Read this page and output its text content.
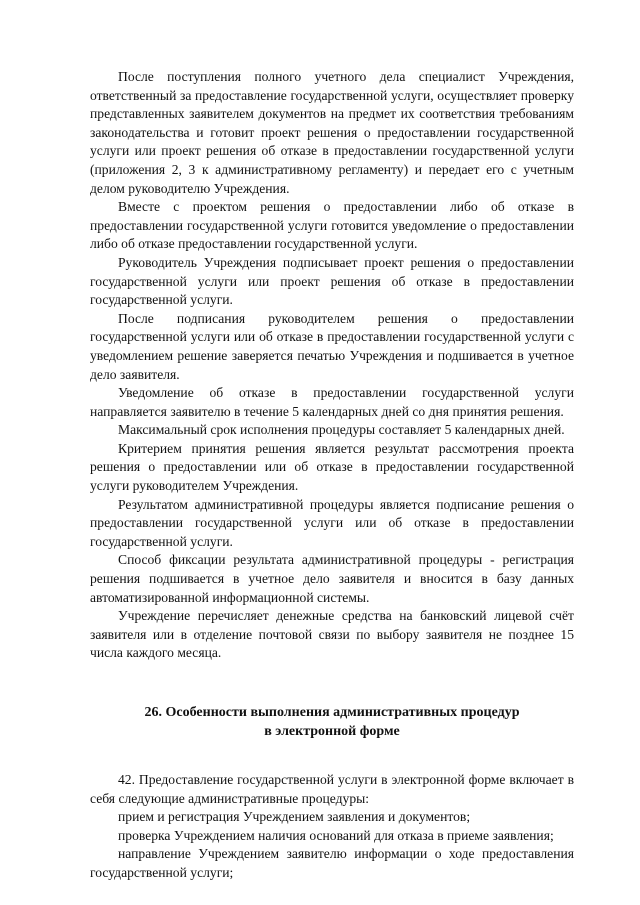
После поступления полного учетного дела специалист Учреждения, ответственный за предоставление государственной услуги, осуществляет проверку представленных заявителем документов на предмет их соответствия требованиям законодательства и готовит проект решения о предоставлении государственной услуги или проект решения об отказе в предоставлении государственной услуги (приложения 2, 3 к административному регламенту) и передает его с учетным делом руководителю Учреждения.

Вместе с проектом решения о предоставлении либо об отказе в предоставлении государственной услуги готовится уведомление о предоставлении либо об отказе предоставлении государственной услуги.

Руководитель Учреждения подписывает проект решения о предоставлении государственной услуги или проект решения об отказе в предоставлении государственной услуги.

После подписания руководителем решения о предоставлении государственной услуги или об отказе в предоставлении государственной услуги с уведомлением решение заверяется печатью Учреждения и подшивается в учетное дело заявителя.

Уведомление об отказе в предоставлении государственной услуги направляется заявителю в течение 5 календарных дней со дня принятия решения.

Максимальный срок исполнения процедуры составляет 5 календарных дней.

Критерием принятия решения является результат рассмотрения проекта решения о предоставлении или об отказе в предоставлении государственной услуги руководителем Учреждения.

Результатом административной процедуры является подписание решения о предоставлении государственной услуги или об отказе в предоставлении государственной услуги.

Способ фиксации результата административной процедуры - регистрация решения подшивается в учетное дело заявителя и вносится в базу данных автоматизированной информационной системы.

Учреждение перечисляет денежные средства на банковский лицевой счёт заявителя или в отделение почтовой связи по выбору заявителя не позднее 15 числа каждого месяца.

26. Особенности выполнения административных процедур
в электронной форме

42. Предоставление государственной услуги в электронной форме включает в себя следующие административные процедуры:

прием и регистрация Учреждением заявления и документов;

проверка Учреждением наличия оснований для отказа в приеме заявления;

направление Учреждением заявителю информации о ходе предоставления государственной услуги;
